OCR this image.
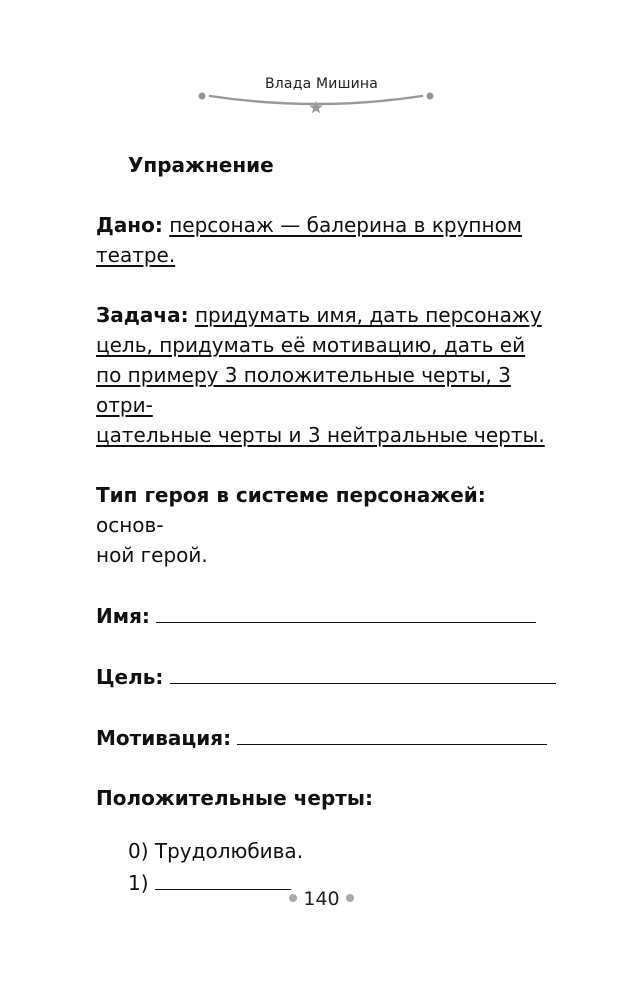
Влада Мишина
Упражнение
Дано: персонаж — балерина в крупном
театре.
Задача: придумать имя, дать персонажу
цель, придумать её мотивацию, дать ей
по примеру 3 положительные черты, 3 отри-
цательные черты и 3 нейтральные черты.
Тип героя в системе персонажей: основ-
ной герой.
Имя:
Цель:
Мотивация:
Положительные черты:
0) Трудолюбива.
1)
140
